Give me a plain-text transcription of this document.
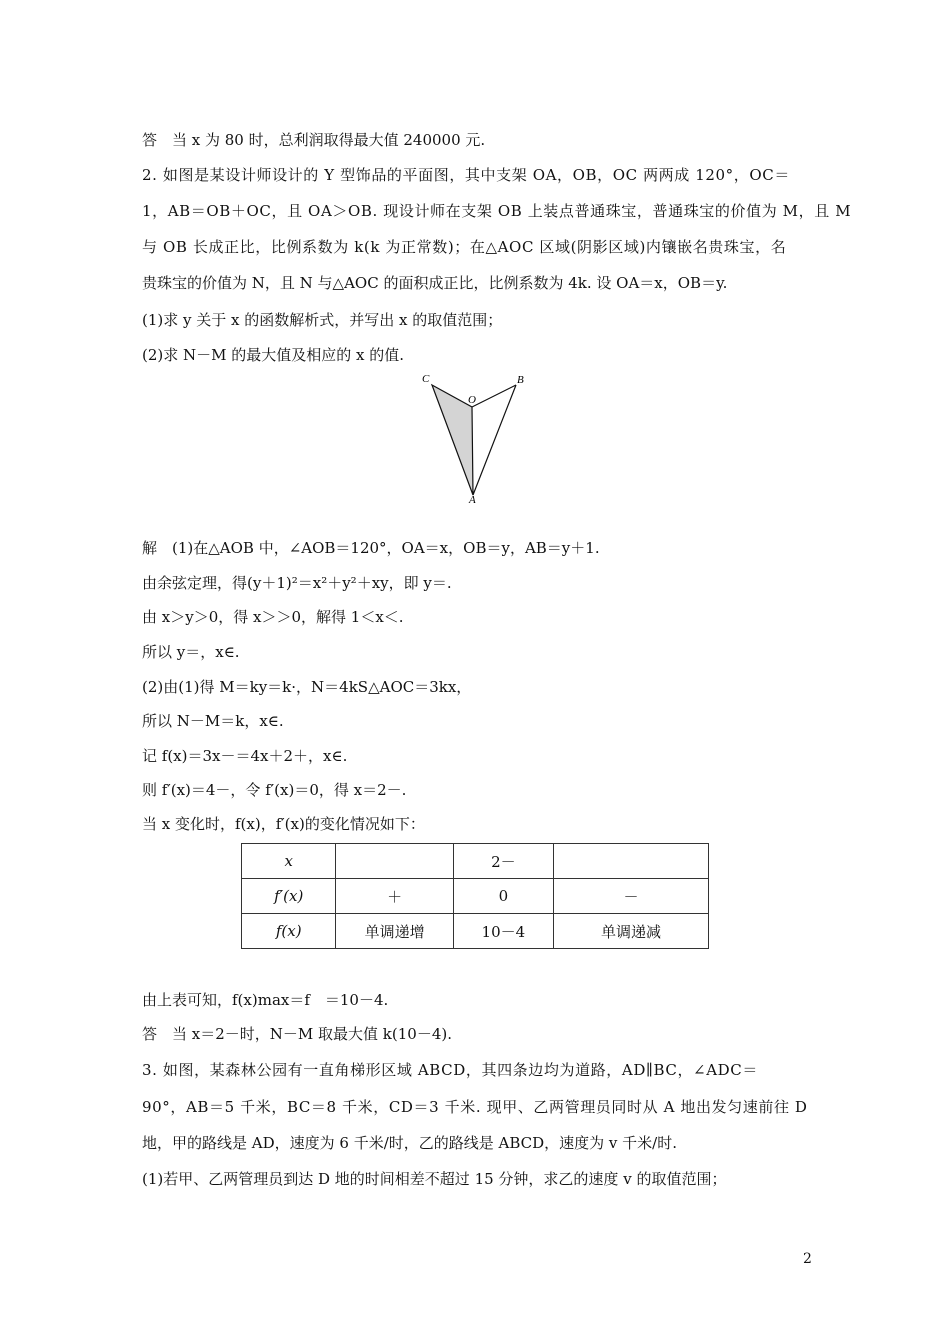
答　当 x 为 80 时，总利润取得最大值 240000 元.
2. 如图是某设计师设计的 Y 型饰品的平面图，其中支架 OA，OB，OC 两两成 120°，OC＝
1，AB＝OB＋OC，且 OA＞OB. 现设计师在支架 OB 上装点普通珠宝，普通珠宝的价值为 M，且 M
与 OB 长成正比，比例系数为 k(k 为正常数)；在△AOC 区域(阴影区域)内镶嵌名贵珠宝，名
贵珠宝的价值为 N，且 N 与△AOC 的面积成正比，比例系数为 4k. 设 OA＝x，OB＝y.
(1)求 y 关于 x 的函数解析式，并写出 x 的取值范围；
(2)求 N－M 的最大值及相应的 x 的值.
C
O
B
A
解　(1)在△AOB 中，∠AOB＝120°，OA＝x，OB＝y，AB＝y＋1.
由余弦定理，得(y＋1)²＝x²＋y²＋xy，即 y＝.
由 x＞y＞0，得 x＞＞0，解得 1＜x＜.
所以 y＝，x∈.
(2)由(1)得 M＝ky＝k·，N＝4kS△AOC＝3kx，
所以 N－M＝k，x∈.
记 f(x)＝3x－＝4x＋2＋，x∈.
则 f′(x)＝4－，令 f′(x)＝0，得 x＝2－.
当 x 变化时，f(x)，f′(x)的变化情况如下：
x		2－	
f′(x)	＋	0	－
f(x)	单调递增	10－4	单调递减
由上表可知，f(x)max＝f　＝10－4.
答　当 x＝2－时，N－M 取最大值 k(10－4).
3. 如图，某森林公园有一直角梯形区域 ABCD，其四条边均为道路，AD∥BC，∠ADC＝
90°，AB＝5 千米，BC＝8 千米，CD＝3 千米. 现甲、乙两管理员同时从 A 地出发匀速前往 D
地，甲的路线是 AD，速度为 6 千米/时，乙的路线是 ABCD，速度为 v 千米/时.
(1)若甲、乙两管理员到达 D 地的时间相差不超过 15 分钟，求乙的速度 v 的取值范围；
2
